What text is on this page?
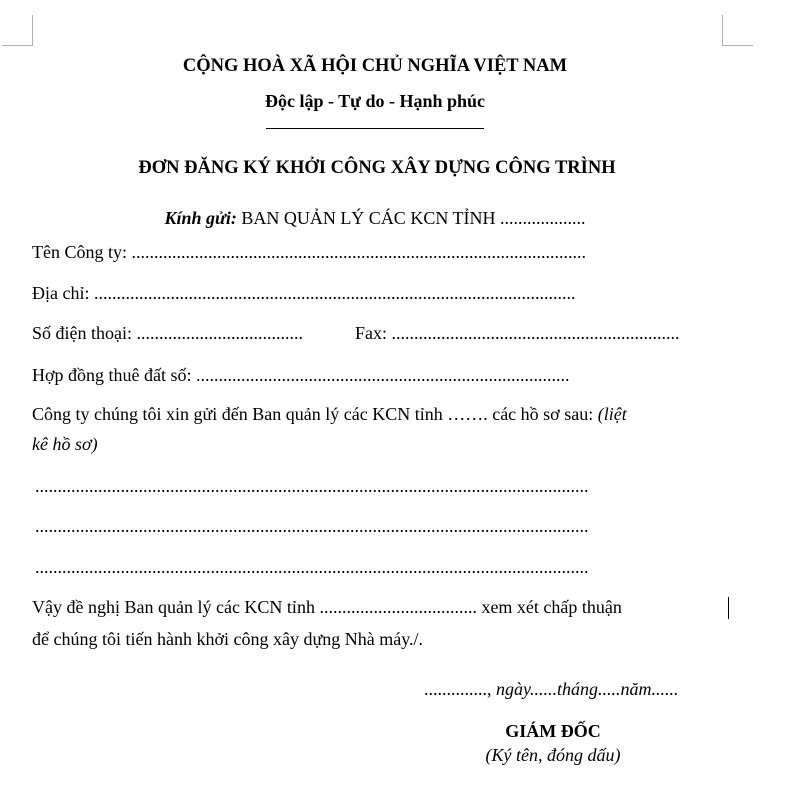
CỘNG HOÀ XÃ HỘI CHỦ NGHĨA VIỆT NAM
Độc lập - Tự do - Hạnh phúc
ĐƠN ĐĂNG KÝ KHỞI CÔNG XÂY DỰNG CÔNG TRÌNH
Kính gửi: BAN QUẢN LÝ CÁC KCN TỈNH ...................
Tên Công ty: .....................................................................................................
Địa chỉ: ...........................................................................................................
Số điện thoại: .....................................	Fax: ................................................................
Hợp đồng thuê đất số: ...................................................................................
Công ty chúng tôi xin gửi đến Ban quản lý các KCN tỉnh ……. các hồ sơ sau: (liệt
kê hồ sơ)
...........................................................................................................................
...........................................................................................................................
...........................................................................................................................
Vậy đề nghị Ban quản lý các KCN tỉnh ................................... xem xét chấp thuận
để chúng tôi tiến hành khởi công xây dựng Nhà máy./.
.............., ngày......tháng.....năm......
GIÁM ĐỐC
(Ký tên, đóng dấu)
